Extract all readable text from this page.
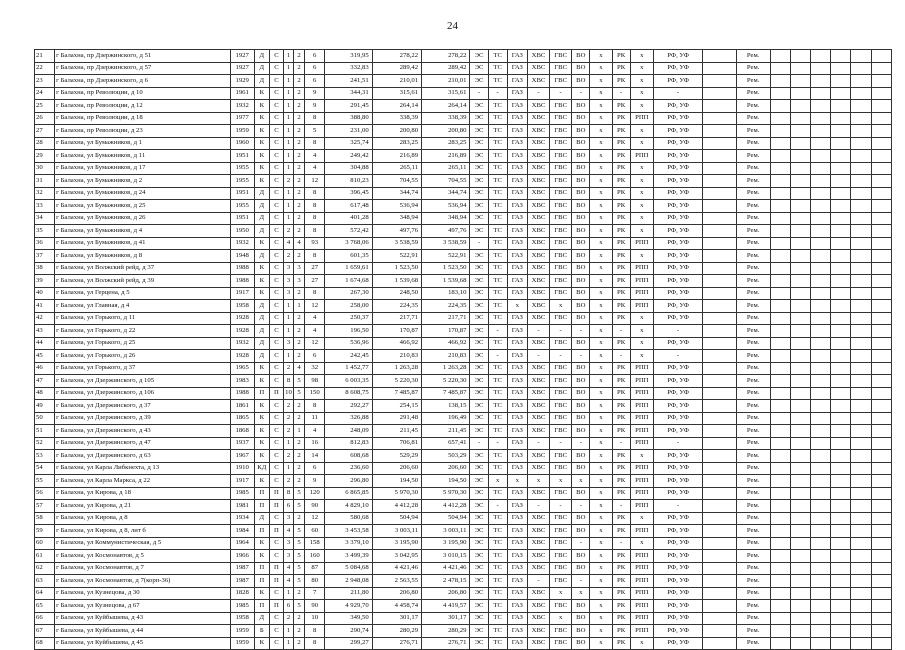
24
21	г Балахна, пр Дзержинского, д 51	1927	Д	С	1	2	6	319,95	278,22	278,22	ЭС	ТС	ГАЗ	ХВС	ГВС	ВО	х	РК	х	РФ, УФ		Рем.						
22	г Балахна, пр Дзержинского, д 57	1927	Д	С	1	2	6	332,83	289,42	289,42	ЭС	ТС	ГАЗ	ХВС	ГВС	ВО	х	РК	х	РФ, УФ		Рем.						
23	г Балахна, пр Дзержинского, д 6	1929	Д	С	1	2	6	241,51	210,01	210,01	ЭС	ТС	ГАЗ	ХВС	ГВС	ВО	х	РК	х	РФ, УФ		Рем.						
24	г Балахна, пр Революции, д 10	1961	К	С	1	2	9	344,31	315,61	315,61	-	-	ГАЗ	-	-	-	х	-	х	-		Рем.						
25	г Балахна, пр Революции, д 12	1932	К	С	1	2	9	291,45	264,14	264,14	ЭС	ТС	ГАЗ	ХВС	ГВС	ВО	х	РК	х	РФ, УФ		Рем.						
26	г Балахна, пр Революции, д 18	1977	К	С	1	2	8	388,80	338,39	338,39	ЭС	ТС	ГАЗ	ХВС	ГВС	ВО	х	РК	РПП	РФ, УФ		Рем.						
27	г Балахна, пр Революции, д 23	1959	К	С	1	2	5	231,00	200,80	200,80	ЭС	ТС	ГАЗ	ХВС	ГВС	ВО	х	РК	х	РФ, УФ		Рем.						
28	г Балахна, ул Бумажников, д 1	1960	К	С	1	2	8	325,74	283,25	283,25	ЭС	ТС	ГАЗ	ХВС	ГВС	ВО	х	РК	х	РФ, УФ		Рем.						
29	г Балахна, ул Бумажников, д 11	1951	К	С	1	2	4	249,42	216,89	216,89	ЭС	ТС	ГАЗ	ХВС	ГВС	ВО	х	РК	РПП	РФ, УФ		Рем.						
30	г Балахна, ул Бумажников, д 17	1955	К	С	1	2	4	304,88	265,11	265,11	ЭС	ТС	ГАЗ	ХВС	ГВС	ВО	х	РК	х	РФ, УФ		Рем.						
31	г Балахна, ул Бумажников, д 2	1955	К	С	2	2	12	810,23	704,55	704,55	ЭС	ТС	ГАЗ	ХВС	ГВС	ВО	х	РК	х	РФ, УФ		Рем.						
32	г Балахна, ул Бумажников, д 24	1951	Д	С	1	2	8	396,45	344,74	344,74	ЭС	ТС	ГАЗ	ХВС	ГВС	ВО	х	РК	х	РФ, УФ		Рем.						
33	г Балахна, ул Бумажников, д 25	1955	Д	С	1	2	8	617,48	536,94	536,94	ЭС	ТС	ГАЗ	ХВС	ГВС	ВО	х	РК	х	РФ, УФ		Рем.						
34	г Балахна, ул Бумажников, д 26	1951	Д	С	1	2	8	401,28	348,94	348,94	ЭС	ТС	ГАЗ	ХВС	ГВС	ВО	х	РК	х	РФ, УФ		Рем.						
35	г Балахна, ул Бумажников, д 4	1950	Д	С	2	2	8	572,42	497,76	497,76	ЭС	ТС	ГАЗ	ХВС	ГВС	ВО	х	РК	х	РФ, УФ		Рем.						
36	г Балахна, ул Бумажников, д 41	1932	К	С	4	4	93	3 768,06	3 538,59	3 538,59	-	ТС	ГАЗ	ХВС	ГВС	ВО	х	РК	РПП	РФ, УФ		Рем.						
37	г Балахна, ул Бумажников, д 8	1948	Д	С	2	2	8	601,35	522,91	522,91	ЭС	ТС	ГАЗ	ХВС	ГВС	ВО	х	РК	х	РФ, УФ		Рем.						
38	г Балахна, ул Волжский рейд, д 37	1988	К	С	3	3	27	1 659,61	1 523,50	1 523,50	ЭС	ТС	ГАЗ	ХВС	ГВС	ВО	х	РК	РПП	РФ, УФ		Рем.						
39	г Балахна, ул Волжский рейд, д 39	1988	К	С	3	3	27	1 674,68	1 539,68	1 539,68	ЭС	ТС	ГАЗ	ХВС	ГВС	ВО	х	РК	РПП	РФ, УФ		Рем.						
40	г Балахна, ул Герцена, д 5	1917	К	С	3	2	8	267,30	248,50	183,10	ЭС	ТС	ГАЗ	ХВС	ГВС	ВО	х	РК	РПП	РФ, УФ		Рем.						
41	г Балахна, ул Главная, д 4	1958	Д	С	1	1	12	258,00	224,35	224,35	ЭС	ТС	х	ХВС	х	ВО	х	РК	РПП	РФ, УФ		Рем.						
42	г Балахна, ул Горького, д 11	1928	Д	С	1	2	4	250,37	217,71	217,71	ЭС	ТС	ГАЗ	ХВС	ГВС	ВО	х	РК	х	РФ, УФ		Рем.						
43	г Балахна, ул Горького, д 22	1928	Д	С	1	2	4	196,50	170,87	170,87	ЭС	-	ГАЗ	-	-	-	х	-	х	-		Рем.						
44	г Балахна, ул Горького, д 25	1932	Д	С	3	2	12	536,96	466,92	466,92	ЭС	ТС	ГАЗ	ХВС	ГВС	ВО	х	РК	х	РФ, УФ		Рем.						
45	г Балахна, ул Горького, д 26	1928	Д	С	1	2	6	242,45	210,83	210,83	ЭС	-	ГАЗ	-	-	-	х	-	х	-		Рем.						
46	г Балахна, ул Горького, д 37	1965	К	С	2	4	32	1 452,77	1 263,28	1 263,28	ЭС	ТС	ГАЗ	ХВС	ГВС	ВО	х	РК	РПП	РФ, УФ		Рем.						
47	г Балахна, ул Дзержинского, д 105	1983	К	С	8	5	98	6 003,35	5 220,30	5 220,30	ЭС	ТС	ГАЗ	ХВС	ГВС	ВО	х	РК	РПП	РФ, УФ		Рем.						
48	г Балахна, ул Дзержинского, д 106	1988	П	П	10	5	150	8 608,75	7 485,87	7 485,87	ЭС	ТС	ГАЗ	ХВС	ГВС	ВО	х	РК	РПП	РФ, УФ		Рем.						
49	г Балахна, ул Дзержинского, д 37	1861	К	С	2	2	8	292,27	254,15	138,15	ЭС	ТС	ГАЗ	ХВС	ГВС	ВО	х	РК	РПП	РФ, УФ		Рем.						
50	г Балахна, ул Дзержинского, д 39	1865	К	С	2	2	11	326,88	291,48	196,49	ЭС	ТС	ГАЗ	ХВС	ГВС	ВО	х	РК	РПП	РФ, УФ		Рем.						
51	г Балахна, ул Дзержинского, д 43	1868	К	С	2	1	4	248,09	211,45	211,45	ЭС	ТС	ГАЗ	ХВС	ГВС	ВО	х	РК	РПП	РФ, УФ		Рем.						
52	г Балахна, ул Дзержинского, д 47	1937	К	С	1	2	16	812,83	706,81	657,41	-	-	ГАЗ	-	-	-	х	-	РПП	-		Рем.						
53	г Балахна, ул Дзержинского, д 63	1967	К	С	2	2	14	608,68	529,29	503,29	ЭС	ТС	ГАЗ	ХВС	ГВС	ВО	х	РК	х	РФ, УФ		Рем.						
54	г Балахна, ул Карла Либкнехта, д 13	1910	КД	С	1	2	6	236,60	206,60	206,60	ЭС	ТС	ГАЗ	ХВС	ГВС	ВО	х	РК	РПП	РФ, УФ		Рем.						
55	г Балахна, ул Карла Маркса, д 22	1917	К	С	2	2	9	296,80	194,50	194,50	ЭС	х	х	х	х	х	х	РК	РПП	РФ, УФ		Рем.						
56	г Балахна, ул Кирова, д 18	1985	П	П	8	5	120	6 865,85	5 970,30	5 970,30	ЭС	ТС	ГАЗ	ХВС	ГВС	ВО	х	РК	РПП	РФ, УФ		Рем.						
57	г Балахна, ул Кирова, д 21	1981	П	П	6	5	90	4 829,10	4 412,28	4 412,28	ЭС	-	ГАЗ	-	-	-	х	-	РПП	-		Рем.						
58	г Балахна, ул Кирова, д 8	1934	Д	С	3	2	12	580,68	504,94	504,94	ЭС	ТС	ГАЗ	ХВС	ГВС	ВО	х	РК	х	РФ, УФ		Рем.						
59	г Балахна, ул Кирова, д 8, лит б	1984	П	П	4	5	60	3 453,58	3 003,11	3 003,11	ЭС	ТС	ГАЗ	ХВС	ГВС	ВО	х	РК	РПП	РФ, УФ		Рем.						
60	г Балахна, ул Коммунистическая, д 5	1964	К	С	3	5	158	3 379,10	3 195,90	3 195,90	ЭС	ТС	ГАЗ	ХВС	ГВС	-	х	-	х	РФ, УФ		Рем.						
61	г Балахна, ул Космонавтов, д 5	1966	К	С	3	5	160	3 499,39	3 042,95	3 010,15	ЭС	ТС	ГАЗ	ХВС	ГВС	ВО	х	РК	РПП	РФ, УФ		Рем.						
62	г Балахна, ул Космонавтов, д 7	1987	П	П	4	5	87	5 084,68	4 421,46	4 421,46	ЭС	ТС	ГАЗ	ХВС	ГВС	ВО	х	РК	РПП	РФ, УФ		Рем.						
63	г Балахна, ул Космонавтов, д 7(корп-36)	1987	П	П	4	5	80	2 948,08	2 563,55	2 478,15	ЭС	ТС	ГАЗ	-	ГВС	-	х	РК	РПП	РФ, УФ		Рем.						
64	г Балахна, ул Кузнецова, д 30	1828	К	С	1	2	7	211,80	206,80	206,80	ЭС	ТС	ГАЗ	ХВС	х	х	х	РК	РПП	РФ, УФ		Рем.						
65	г Балахна, ул Кузнецова, д 67	1985	П	П	6	5	90	4 929,70	4 458,74	4 419,57	ЭС	ТС	ГАЗ	ХВС	ГВС	ВО	х	РК	РПП	РФ, УФ		Рем.						
66	г Балахна, ул Куйбышева, д 43	1958	Д	С	2	2	10	349,50	301,17	301,17	ЭС	ТС	ГАЗ	ХВС	х	ВО	х	РК	РПП	РФ, УФ		Рем.						
67	г Балахна, ул Куйбышева, д 44	1959	Б	С	1	2	8	290,74	280,29	280,29	ЭС	ТС	ГАЗ	ХВС	ГВС	ВО	х	РК	РПП	РФ, УФ		Рем.						
68	г Балахна, ул Куйбышева, д 45	1959	К	С	1	2	8	299,27	276,71	276,71	ЭС	ТС	ГАЗ	ХВС	ГВС	ВО	х	РК	х	РФ, УФ		Рем.						
